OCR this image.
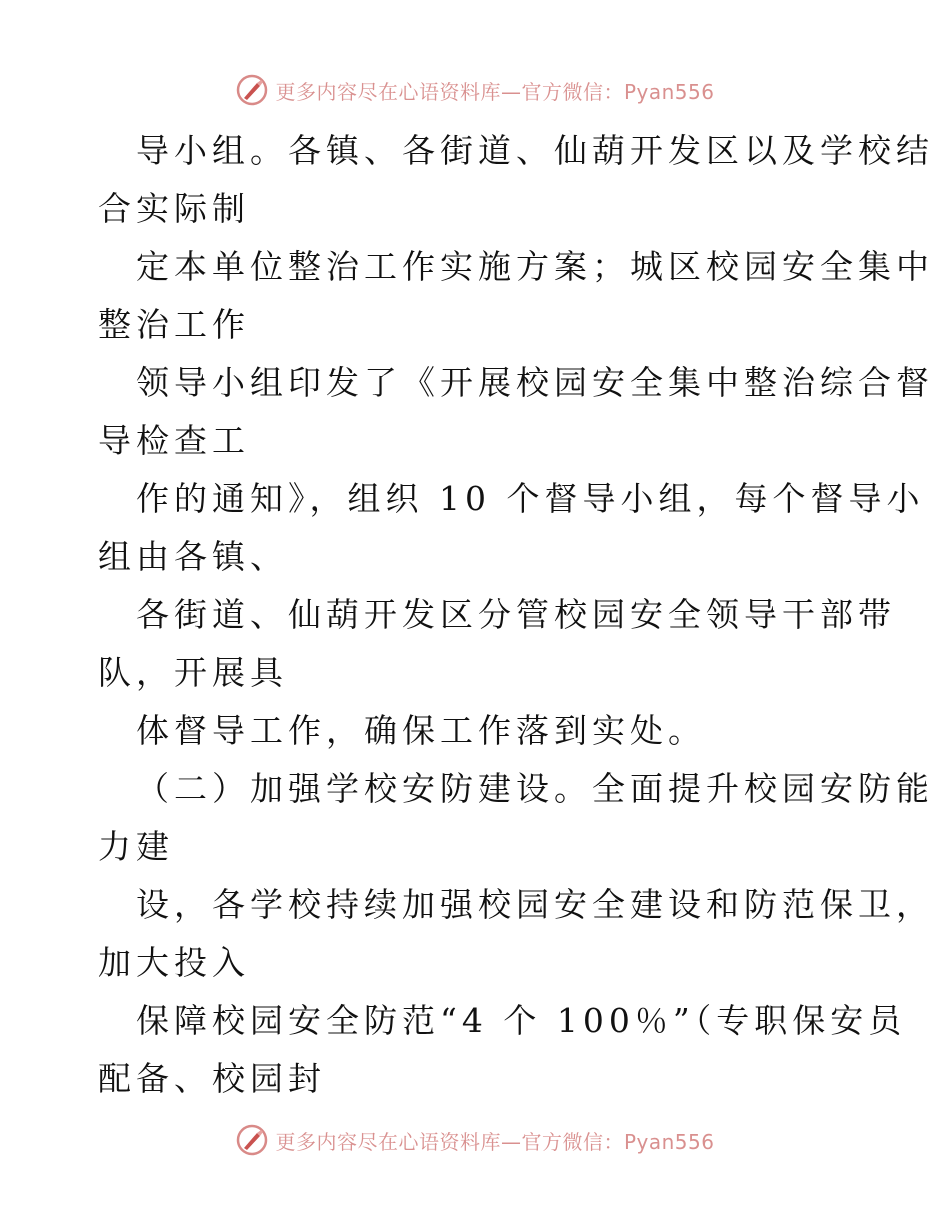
更多内容尽在心语资料库—官方微信：Pyan556
导小组。各镇、各街道、仙葫开发区以及学校结
合实际制
定本单位整治工作实施方案；城区校园安全集中
整治工作
领导小组印发了《开展校园安全集中整治综合督
导检查工
作的通知》，组织 10 个督导小组，每个督导小
组由各镇、
各街道、仙葫开发区分管校园安全领导干部带
队，开展具
体督导工作，确保工作落到实处。
（二）加强学校安防建设。全面提升校园安防能
力建
设，各学校持续加强校园安全建设和防范保卫，
加大投入
保障校园安全防范“4 个 100％”（专职保安员
配备、校园封
更多内容尽在心语资料库—官方微信：Pyan556
